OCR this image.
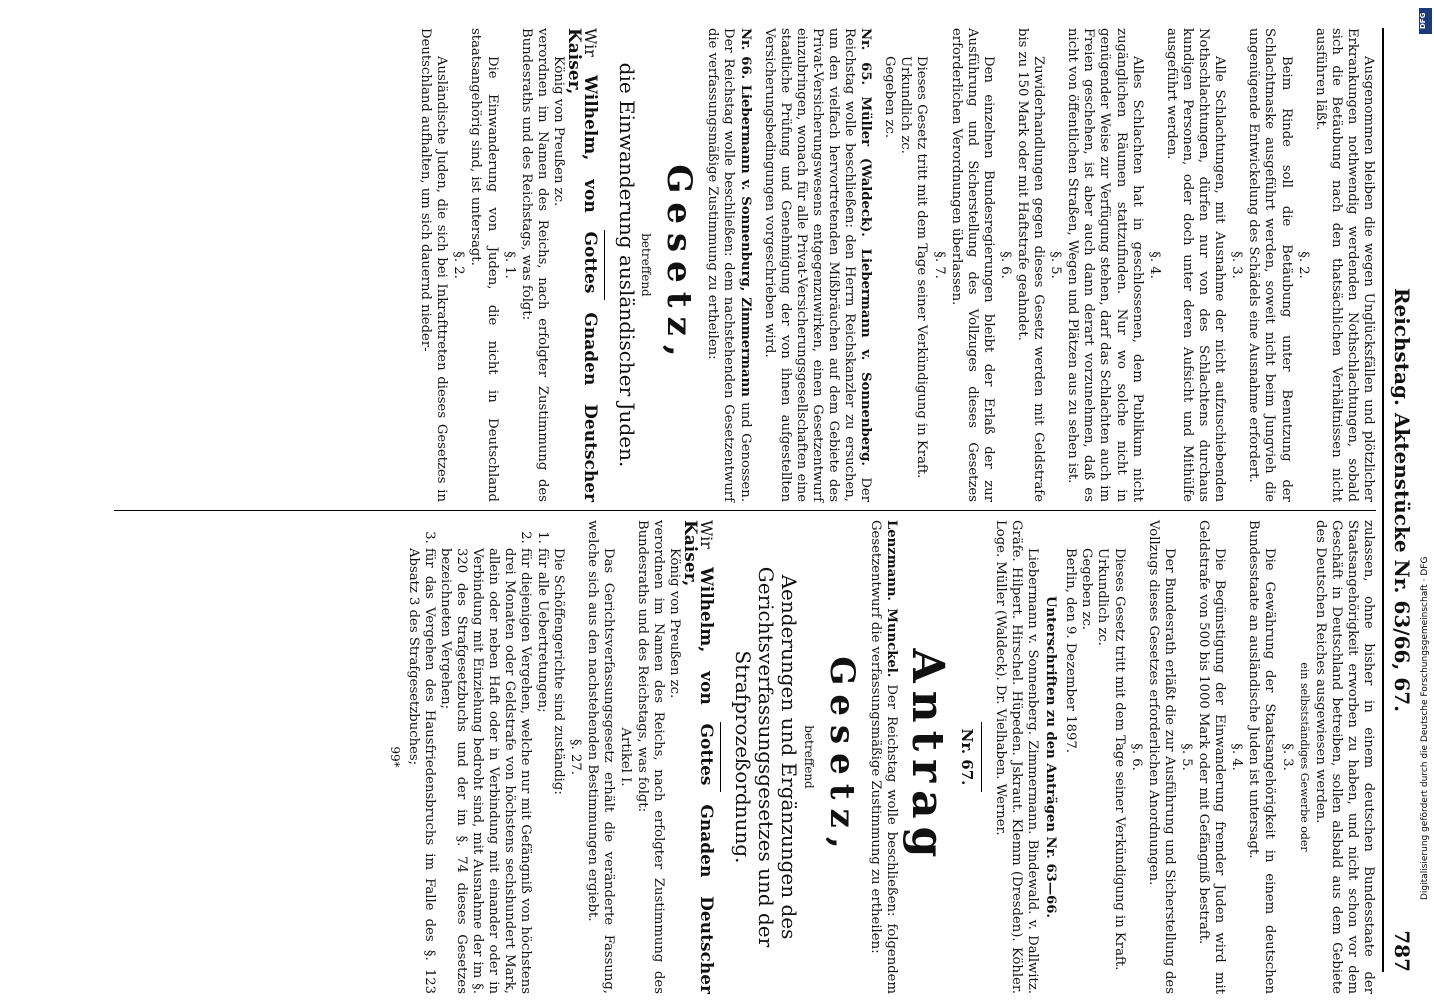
Reichstag. Aktenstücke Nr. 63/66, 67.
787

Ausgenommen bleiben die wegen Unglücksfällen und plötzlicher Erkrankungen nothwendig werdenden Nothschlachtungen, sobald sich die Betäubung nach den thatsächlichen Verhältnissen nicht ausführen läßt.

§. 2.

Beim Rinde soll die Betäubung unter Benutzung der Schlachtmaske ausgeführt werden, soweit nicht beim Jungvieh die ungenügende Entwickelung des Schädels eine Ausnahme erfordert.

§. 3.

Alle Schlachtungen, mit Ausnahme der nicht aufzuschiebenden Nothschlachtungen, dürfen nur von des Schlachtens durchaus kundigen Personen, oder doch unter deren Aufsicht und Mithülfe ausgeführt werden.

§. 4.

Alles Schlachten hat in geschlossenen, dem Publikum nicht zugänglichen Räumen stattzufinden. Nur wo solche nicht in genügender Weise zur Verfügung stehen, darf das Schlachten auch im Freien geschehen, ist aber auch dann derart vorzunehmen, daß es nicht von öffentlichen Straßen, Wegen und Plätzen aus zu sehen ist.

§. 5.

Zuwiderhandlungen gegen dieses Gesetz werden mit Geldstrafe bis zu 150 Mark oder mit Haftstrafe geahndet.

§. 6.

Den einzelnen Bundesregierungen bleibt der Erlaß der zur Ausführung und Sicherstellung des Vollzuges dieses Gesetzes erforderlichen Verordnungen überlassen.

§. 7.

Dieses Gesetz tritt mit dem Tage seiner Verkündigung in Kraft.

Urkundlich zc.

Gegeben zc.

Nr. 65. Müller (Waldeck). Liebermann v. Sonnenberg. Der Reichstag wolle beschließen: den Herrn Reichskanzler zu ersuchen, um den vielfach hervortretenden Mißbräuchen auf dem Gebiete des Privat-Versicherungswesens entgegenzuwirken, einen Gesetzentwurf einzubringen, wonach für alle Privat-Versicherungsgesellschaften eine staatliche Prüfung und Genehmigung der von ihnen aufgestellten Versicherungsbedingungen vorgeschrieben wird.

Nr. 66. Liebermann v. Sonnenburg, Zimmermann und Genossen. Der Reichstag wolle beschließen: dem nachstehenden Gesetzentwurf die verfassungsmäßige Zustimmung zu ertheilen:

Gesetz,

betreffend

die Einwanderung ausländischer Juden.

Wir Wilhelm, von Gottes Gnaden Deutscher Kaiser,

König von Preußen zc.

verordnen im Namen des Reichs, nach erfolgter Zustimmung des Bundesraths und des Reichstags, was folgt:

§. 1.

Die Einwanderung von Juden, die nicht in Deutschland staatsangehörig sind, ist untersagt.

§. 2.

Ausländische Juden, die sich bei Inkrafttreten dieses Gesetzes in Deutschland aufhalten, um sich dauernd nieder-

zulassen, ohne bisher in einem deutschen Bundesstaate der Staatsangehörigkeit erworben zu haben, und nicht schon vor dem Geschäft in Deutschland betreiben, sollen alsbald aus dem Gebiete des Deutschen Reiches ausgewiesen werden.

ein selbstständiges Gewerbe oder

§. 3.

Die Gewährung der Staatsangehörigkeit in einem deutschen Bundesstaate an ausländische Juden ist untersagt.

§. 4.

Die Begünstigung der Einwanderung fremder Juden wird mit Geldstrafe von 500 bis 1000 Mark oder mit Gefängniß bestraft.

§. 5.

Der Bundesrath erläßt die zur Ausführung und Sicherstellung des Vollzugs dieses Gesetzes erforderlichen Anordnungen.

§. 6.

Dieses Gesetz tritt mit dem Tage seiner Verkündigung in Kraft.

Urkundlich zc.

Gegeben zc.

Berlin, den 9. Dezember 1897.

Unterschriften zu den Anträgen Nr. 63—66.

Liebermann v. Sonnenberg. Zimmermann. Bindewald. v. Dallwitz. Gräfe. Hilpert. Hirschel. Hüpeden. Jskraut. Klemm (Dresden). Köhler. Loge. Müller (Waldeck). Dr. Vielhaben. Werner.

Nr. 67.

Antrag

Lenzmann. Munckel. Der Reichstag wolle beschließen: folgendem Gesetzentwurf die verfassungsmäßige Zustimmung zu ertheilen:

Gesetz,

betreffend

Aenderungen und Ergänzungen des Gerichtsverfassungsgesetzes und der Strafprozeßordnung.

Wir Wilhelm, von Gottes Gnaden Deutscher Kaiser,

König von Preußen zc.

verordnen im Namen des Reichs, nach erfolgter Zustimmung des Bundesraths und des Reichstags, was folgt:

Artikel I.

Das Gerichtsverfassungsgesetz erhält die veränderte Fassung, welche sich aus den nachstehenden Bestimmungen ergiebt.

§. 27.

Die Schöffengerichte sind zuständig:

1. für alle Uebertretungen;
2. für diejenigen Vergehen, welche nur mit Gefängniß von höchstens drei Monaten oder Geldstrafe von höchstens sechshundert Mark, allein oder neben Haft oder in Verbindung mit einander oder in Verbindung mit Einziehung bedroht sind, mit Ausnahme der im §. 320 des Strafgesetzbuchs und der im §. 74 dieses Gesetzes bezeichneten Vergehen;
3. für das Vergehen des Hausfriedensbruchs im Falle des §. 123 Absatz 3 des Strafgesetzbuches;

99*

DFG
Digitalisierung gefördert durch die Deutsche Forschungsgemeinschaft · DFG
